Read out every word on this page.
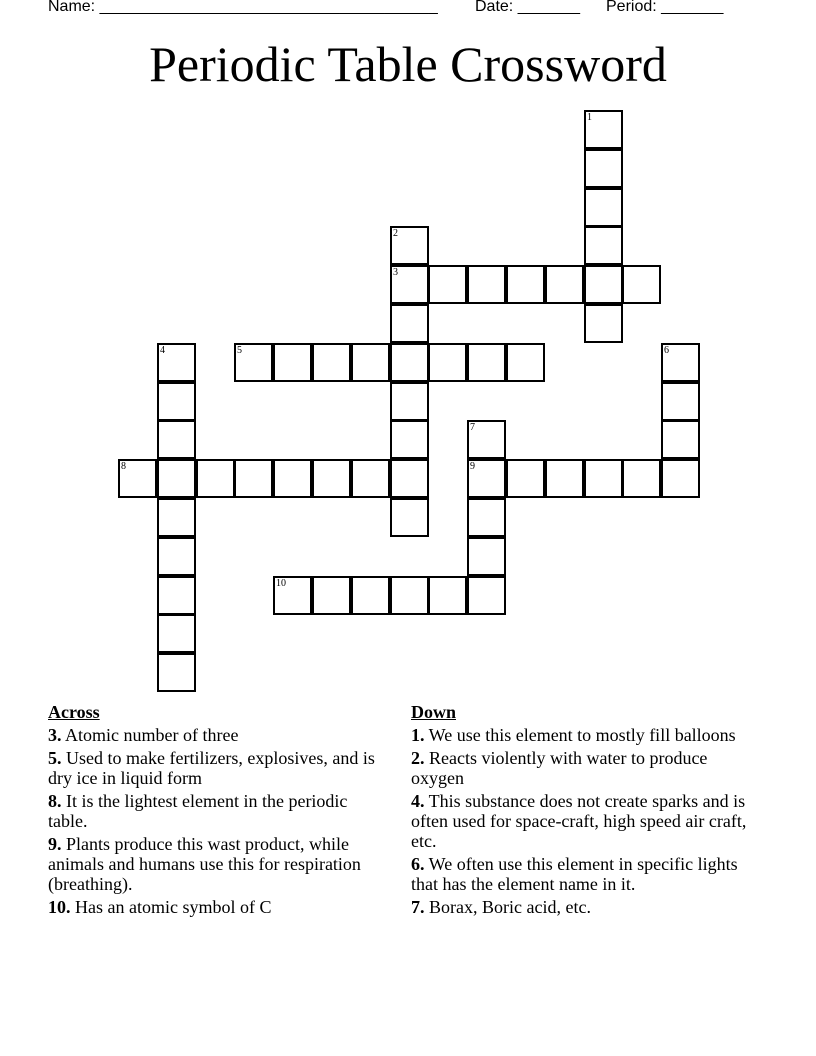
Name: ______________________________________

Date: _______

Period: _______

Periodic Table Crossword
1
2
3
4	5	6
7
9
8
10
Across
3. Atomic number of three
5. Used to make fertilizers, explosives, and is dry ice in liquid form
8. It is the lightest element in the periodic table.
9. Plants produce this wast product, while animals and humans use this for respiration (breathing).
10. Has an atomic symbol of C
Down
1. We use this element to mostly fill balloons
2. Reacts violently with water to produce oxygen
4. This substance does not create sparks and is often used for space-craft, high speed air craft, etc.
6. We often use this element in specific lights that has the element name in it.
7. Borax, Boric acid, etc.
